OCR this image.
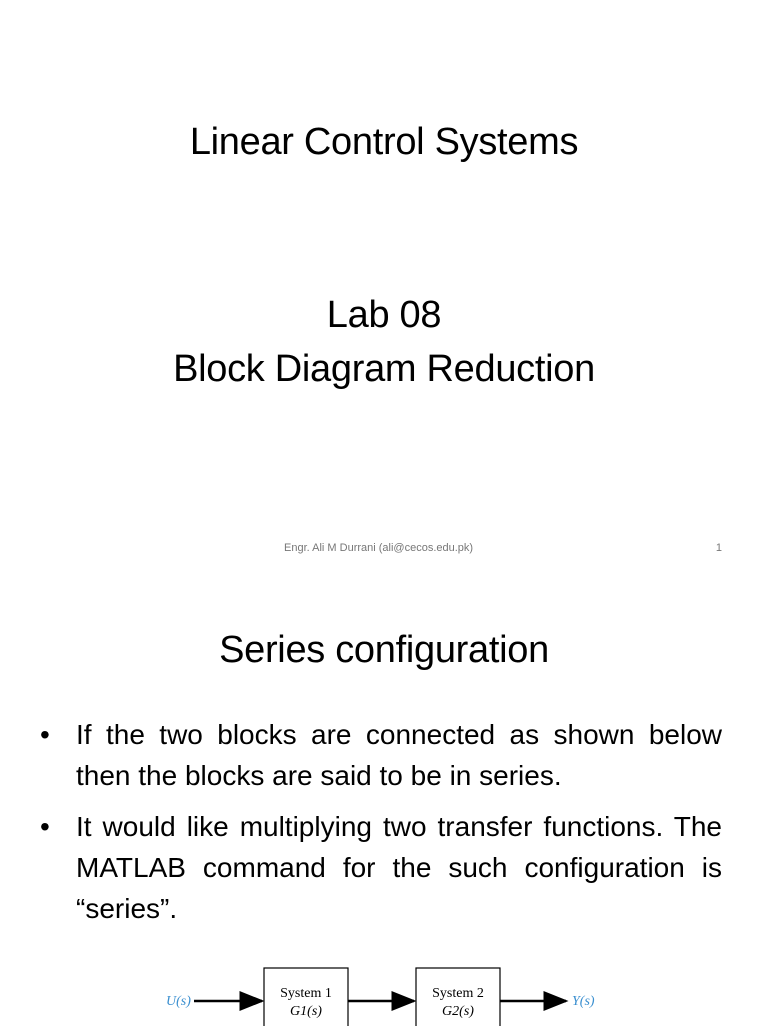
Linear Control Systems
Lab 08
Block Diagram Reduction
Engr. Ali M Durrani (ali@cecos.edu.pk)	1
Series configuration
• If the two blocks are connected as shown below then the blocks are said to be in series.
• It would like multiplying two transfer functions. The MATLAB command for the such configuration is “series”.
U(s)
System 1
G1(s)
System 2
G2(s)
Y(s)
